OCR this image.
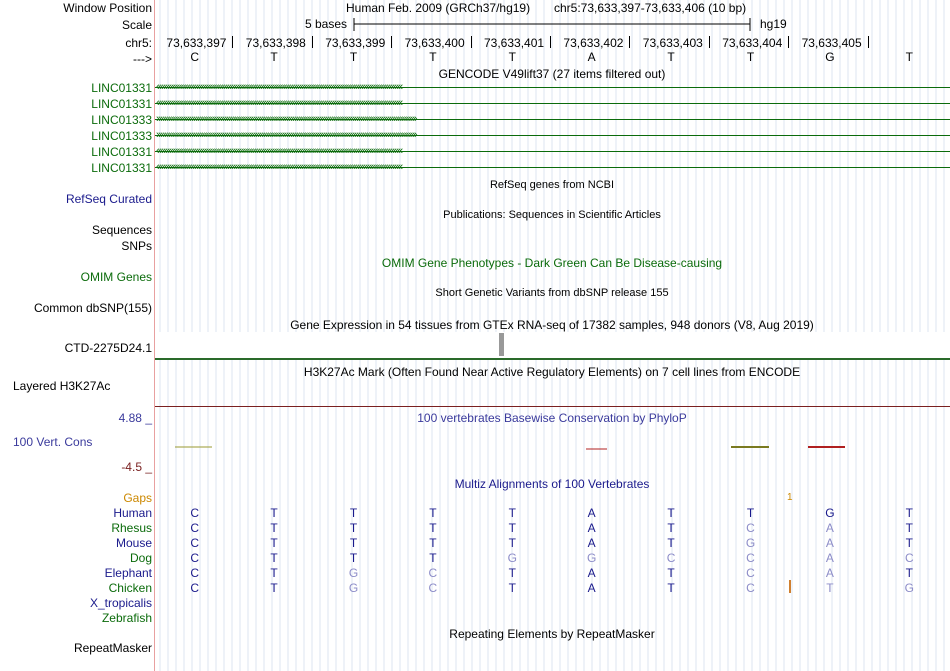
Window Position	Human Feb. 2009 (GRCh37/hg19) chr5:73,633,397-73,633,406 (10 bp)
Scale	5 bases	hg19
chr5: 73,633,397 73,633,398 73,633,399 73,633,400 73,633,401 73,633,402 73,633,403 73,633,404 73,633,405
--->	C	T	T	T	T	A	T	T	G	T
GENCODE V49lift37 (27 items filtered out)
LINC01331 ‹‹‹‹‹‹‹‹‹‹‹‹‹‹‹‹‹‹‹‹‹‹‹‹‹‹‹‹‹‹‹‹‹‹‹‹‹‹‹‹‹‹‹‹‹‹‹‹‹‹‹‹‹‹‹‹‹‹‹‹‹‹‹‹‹‹‹‹‹‹‹‹‹‹‹‹‹‹‹‹‹‹‹‹‹‹‹‹‹‹‹‹‹‹‹‹‹‹‹‹‹‹‹‹‹‹‹‹‹‹‹‹‹‹‹‹‹‹‹
LINC01331 ‹‹‹‹‹‹‹‹‹‹‹‹‹‹‹‹‹‹‹‹‹‹‹‹‹‹‹‹‹‹‹‹‹‹‹‹‹‹‹‹‹‹‹‹‹‹‹‹‹‹‹‹‹‹‹‹‹‹‹‹‹‹‹‹‹‹‹‹‹‹‹‹‹‹‹‹‹‹‹‹‹‹‹‹‹‹‹‹‹‹‹‹‹‹‹‹‹‹‹‹‹‹‹‹‹‹‹‹‹‹‹‹‹‹‹‹‹‹‹
LINC01333 ››››››››››››››››››››››››››››››››››››››››››››››››››››››››››››››››››››››››››››››››››››››››››››››››››››››››››››››››››››››››››››››
LINC01333 ››››››››››››››››››››››››››››››››››››››››››››››››››››››››››››››››››››››››››››››››››››››››››››››››››››››››››››››››››››››››››››››
LINC01331 ‹‹‹‹‹‹‹‹‹‹‹‹‹‹‹‹‹‹‹‹‹‹‹‹‹‹‹‹‹‹‹‹‹‹‹‹‹‹‹‹‹‹‹‹‹‹‹‹‹‹‹‹‹‹‹‹‹‹‹‹‹‹‹‹‹‹‹‹‹‹‹‹‹‹‹‹‹‹‹‹‹‹‹‹‹‹‹‹‹‹‹‹‹‹‹‹‹‹‹‹‹‹‹‹‹‹‹‹‹‹‹‹‹‹‹‹‹‹‹
LINC01331 ‹‹‹‹‹‹‹‹‹‹‹‹‹‹‹‹‹‹‹‹‹‹‹‹‹‹‹‹‹‹‹‹‹‹‹‹‹‹‹‹‹‹‹‹‹‹‹‹‹‹‹‹‹‹‹‹‹‹‹‹‹‹‹‹‹‹‹‹‹‹‹‹‹‹‹‹‹‹‹‹‹‹‹‹‹‹‹‹‹‹‹‹‹‹‹‹‹‹‹‹‹‹‹‹‹‹‹‹‹‹‹‹‹‹‹‹‹‹‹
RefSeq Curated
RefSeq genes from NCBI
Publications: Sequences in Scientific Articles
Sequences
SNPs
OMIM Gene Phenotypes - Dark Green Can Be Disease-causing
OMIM Genes
Short Genetic Variants from dbSNP release 155
Common dbSNP(155)
Gene Expression in 54 tissues from GTEx RNA-seq of 17382 samples, 948 donors (V8, Aug 2019)
CTD-2275D24.1
H3K27Ac Mark (Often Found Near Active Regulatory Elements) on 7 cell lines from ENCODE
Layered H3K27Ac
100 vertebrates Basewise Conservation by PhyloP
4.88 _
100 Vert. Cons
-4.5 _
Multiz Alignments of 100 Vertebrates
Gaps	1
Human	C	T	T	T	T	A	T	T	G	T
Rhesus	C	T	T	T	T	A	T	C	A	T
Mouse	C	T	T	T	T	A	T	G	A	T
Dog	C	T	T	T	G	G	C	C	A	C
Elephant	C	T	G	C	T	A	T	C	A	T
Chicken	C	T	G	C	T	A	T	C	T	G
X_tropicalis
Zebrafish
Repeating Elements by RepeatMasker
RepeatMasker
